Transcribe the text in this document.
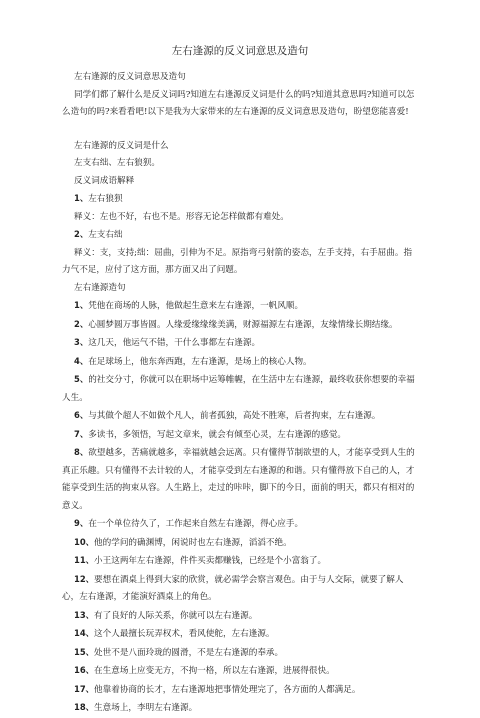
左右逢源的反义词意思及造句
左右逢源的反义词意思及造句
同学们都了解什么是反义词吗?知道左右逢源反义词是什么的吗?知道其意思吗?知道可以怎么造句的吗?来看看吧!以下是我为大家带来的左右逢源的反义词意思及造句，盼望您能喜爱!
左右逢源的反义词是什么
左支右绌、左右狼狈。
反义词成语解释
1、左右狼狈
释义：左也不好，右也不是。形容无论怎样做都有难处。
2、左支右绌
释义：支，支持;绌：屈曲，引伸为不足。原指弯弓射箭的姿态，左手支持，右手屈曲。指力气不足，应付了这方面，那方面又出了问题。
左右逢源造句
1、凭他在商场的人脉，他做起生意来左右逢源，一帆风顺。
2、心圆梦圆万事皆圆。人缘爱缘缘缘美满，财源福源左右逢源，友缘情缘长期结缘。
3、这几天，他运气不错，干什么事都左右逢源。
4、在足球场上，他东奔西跑，左右逢源，是场上的核心人物。
5、的社交分寸，你就可以在职场中运筹帷幄，在生活中左右逢源，最终收获你想要的幸福人生。
6、与其做个超人不如做个凡人，前者孤独，高处不胜寒，后者拘束，左右逢源。
7、多读书，多领悟，写起文章来，就会有倾至心灵，左右逢源的感觉。
8、欲望越多，苦痛就越多，幸福就越会远离。只有懂得节制欲望的人，才能享受到人生的真正乐趣。只有懂得不去计较的人，才能享受到左右逢源的和谐。只有懂得放下自己的人，才能享受到生活的拘束从容。人生路上，走过的咔咔，脚下的今日，面前的明天，都只有相对的意义。
9、在一个单位待久了，工作起来自然左右逢源，得心应手。
10、他的学问的确渊博，闲说时也左右逢源，滔滔不绝。
11、小王这两年左右逢源，件件买卖都赚钱，已经是个小富翁了。
12、要想在酒桌上得到大家的欣赏，就必需学会察言观色。由于与人交际，就要了解人心，左右逢源，才能演好酒桌上的角色。
13、有了良好的人际关系，你就可以左右逢源。
14、这个人最擅长玩弄权术，看风使舵，左右逢源。
15、处世不是八面玲珑的圆滑，不是左右逢源的奉承。
16、在生意场上应变无方，不拘一格，所以左右逢源，进展得很快。
17、他靠着协商的长才，左右逢源地把事情处理完了，各方面的人都满足。
18、生意场上，李明左右逢源。
